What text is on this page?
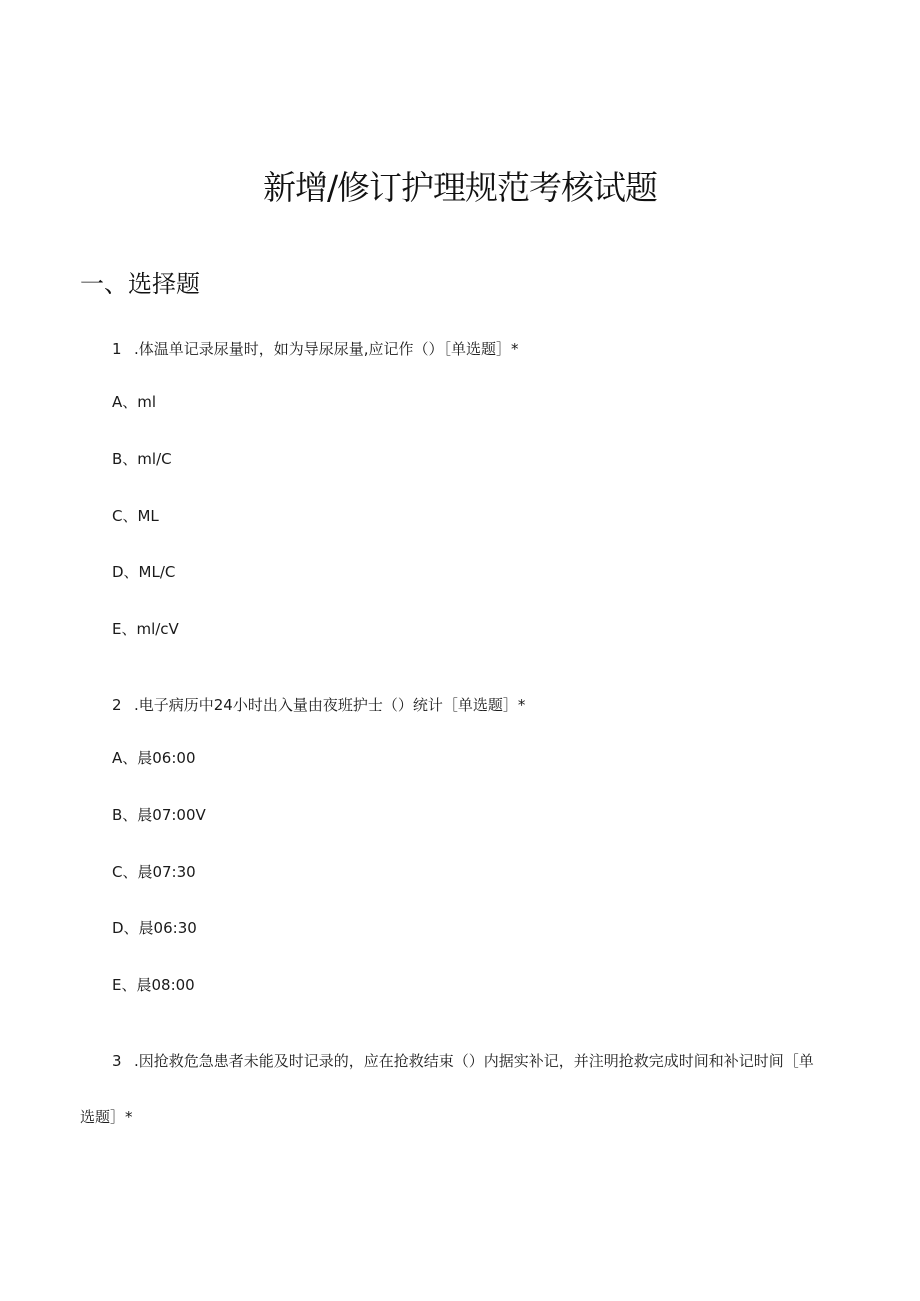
新增/修订护理规范考核试题
一、选择题
1 .体温单记录尿量时，如为导尿尿量,应记作（）［单选题］*
A、ml
B、ml/C
C、ML
D、ML/C
E、ml∕cV
2 .电子病历中24小时出入量由夜班护士（）统计［单选题］*
A、晨06:00
B、晨07:00V
C、晨07:30
D、晨06:30
E、晨08:00
3 .因抢救危急患者未能及时记录的，应在抢救结束（）内据实补记，并注明抢救完成时间和补记时间［单
选题］*
